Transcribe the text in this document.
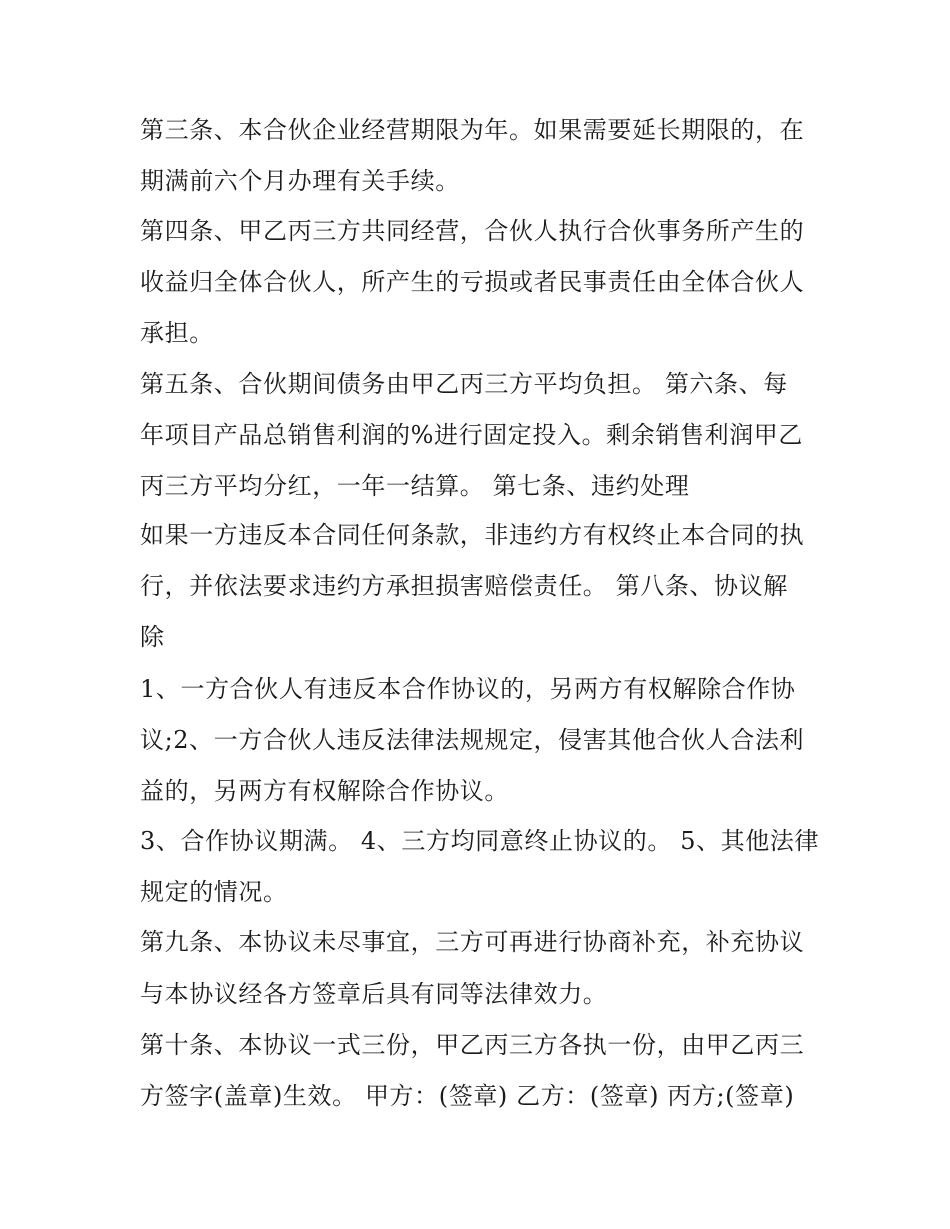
第三条、本合伙企业经营期限为年。如果需要延长期限的，在
期满前六个月办理有关手续。
第四条、甲乙丙三方共同经营，合伙人执行合伙事务所产生的
收益归全体合伙人，所产生的亏损或者民事责任由全体合伙人
承担。
第五条、合伙期间债务由甲乙丙三方平均负担。 第六条、每
年项目产品总销售利润的%进行固定投入。剩余销售利润甲乙
丙三方平均分红，一年一结算。 第七条、违约处理
如果一方违反本合同任何条款，非违约方有权终止本合同的执
行，并依法要求违约方承担损害赔偿责任。 第八条、协议解
除
1、一方合伙人有违反本合作协议的，另两方有权解除合作协
议;2、一方合伙人违反法律法规规定，侵害其他合伙人合法利
益的，另两方有权解除合作协议。
3、合作协议期满。 4、三方均同意终止协议的。 5、其他法律
规定的情况。
第九条、本协议未尽事宜，三方可再进行协商补充，补充协议
与本协议经各方签章后具有同等法律效力。
第十条、本协议一式三份，甲乙丙三方各执一份，由甲乙丙三
方签字(盖章)生效。 甲方：(签章) 乙方：(签章) 丙方;(签章)
